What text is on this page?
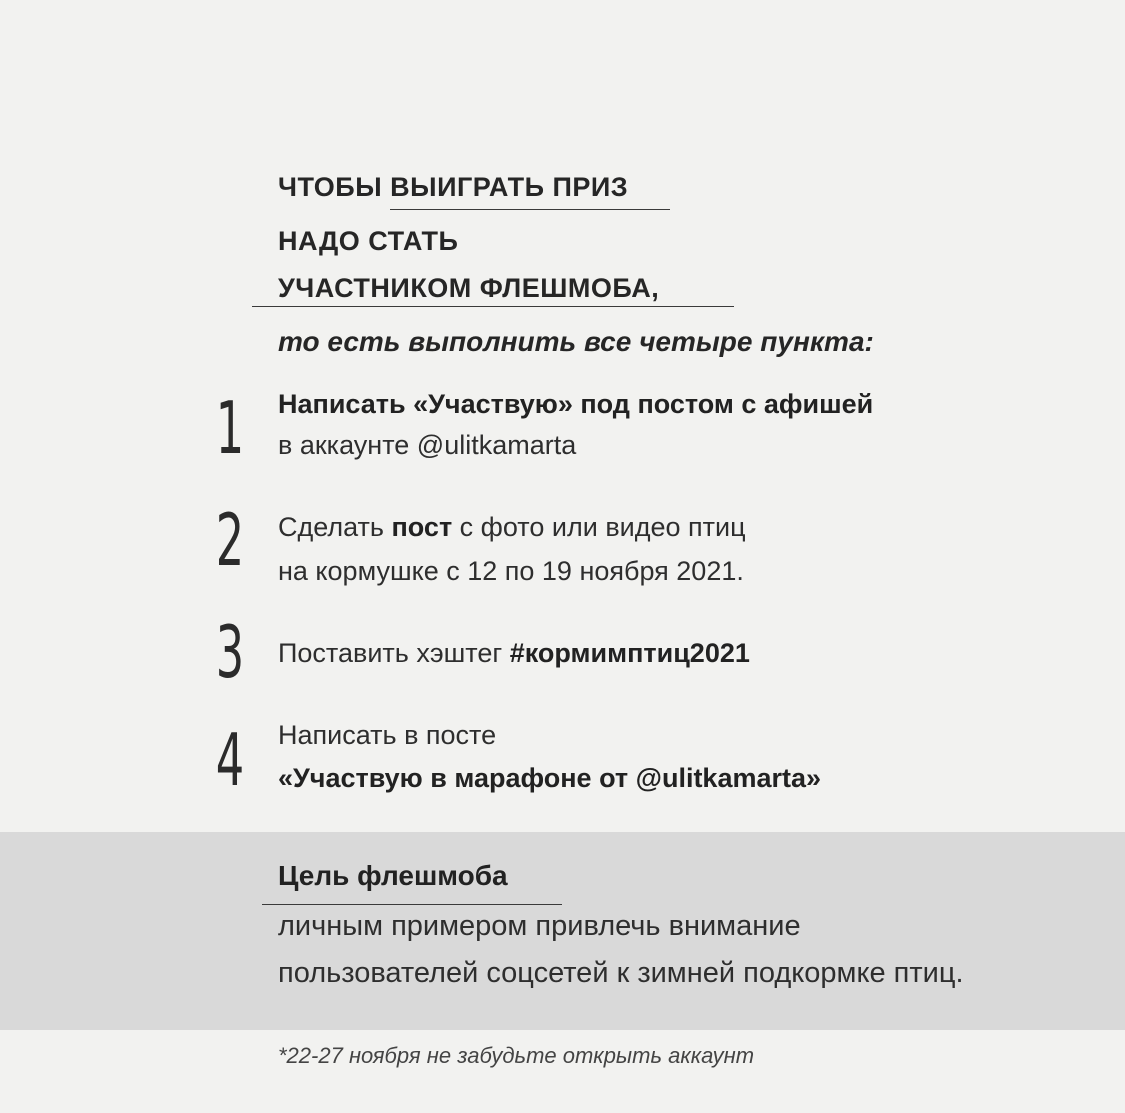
ЧТОБЫ ВЫИГРАТЬ ПРИЗ
НАДО СТАТЬ
УЧАСТНИКОМ ФЛЕШМОБА,
то есть выполнить все четыре пункта:
1 Написать «Участвую» под постом с афишей
в аккаунте @ulitkamarta
2 Сделать пост с фото или видео птиц
на кормушке с 12 по 19 ноября 2021.
3 Поставить хэштег #кормимптиц2021
4 Написать в посте
«Участвую в марафоне от @ulitkamarta»
Цель флешмоба
личным примером привлечь внимание
пользователей соцсетей к зимней подкормке птиц.
*22-27 ноября не забудьте открыть аккаунт
